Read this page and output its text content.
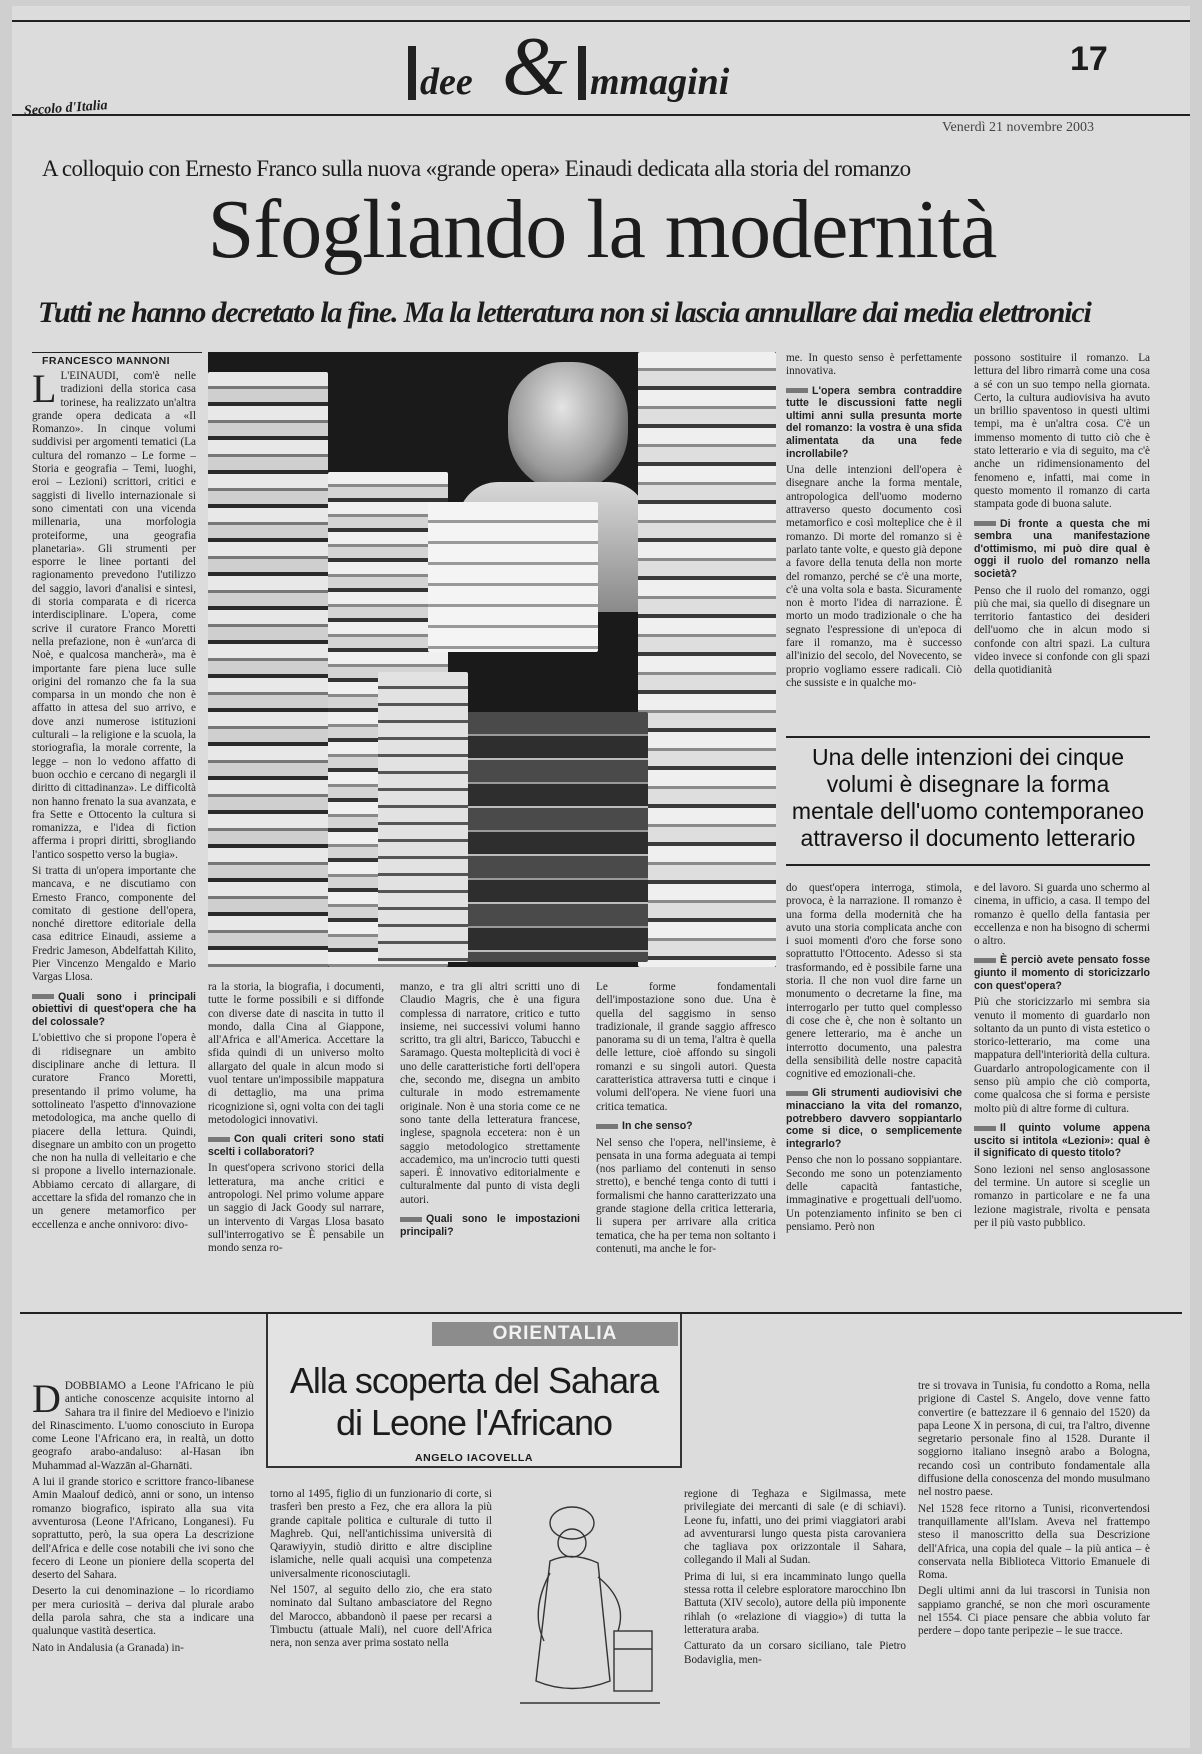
dee & mmagini
17
Secolo d'Italia
Venerdì 21 novembre 2003
A colloquio con Ernesto Franco sulla nuova «grande opera» Einaudi dedicata alla storia del romanzo
Sfogliando la modernità
Tutti ne hanno decretato la fine. Ma la letteratura non si lascia annullare dai media elettronici
FRANCESCO MANNONI

L L'EINAUDI, com'è nelle tradizioni della storica casa torinese, ha realizzato un'altra grande opera dedicata a «Il Romanzo». In cinque volumi suddivisi per argomenti tematici (La cultura del romanzo – Le forme – Storia e geografia – Temi, luoghi, eroi – Lezioni) scrittori, critici e saggisti di livello internazionale si sono cimentati con una vicenda millenaria, una morfologia proteiforme, una geografia planetaria». Gli strumenti per esporre le linee portanti del ragionamento prevedono l'utilizzo del saggio, lavori d'analisi e sintesi, di storia comparata e di ricerca interdisciplinare. L'opera, come scrive il curatore Franco Moretti nella prefazione, non è «un'arca di Noè, e qualcosa mancherà», ma è importante fare piena luce sulle origini del romanzo che fa la sua comparsa in un mondo che non è affatto in attesa del suo arrivo, e dove anzi numerose istituzioni culturali – la religione e la scuola, la storiografia, la morale corrente, la legge – non lo vedono affatto di buon occhio e cercano di negargli il diritto di cittadinanza». Le difficoltà non hanno frenato la sua avanzata, e fra Sette e Ottocento la cultura si romanizza, e l'idea di fiction afferma i propri diritti, sbrogliando l'antico sospetto verso la bugia».

Si tratta di un'opera importante che mancava, e ne discutiamo con Ernesto Franco, componente del comitato di gestione dell'opera, nonché direttore editoriale della casa editrice Einaudi, assieme a Fredric Jameson, Abdelfattah Kilito, Pier Vincenzo Mengaldo e Mario Vargas Llosa.

Quali sono i principali obiettivi di quest'opera che ha del colossale?

L'obiettivo che si propone l'opera è di ridisegnare un ambito disciplinare anche di lettura. Il curatore Franco Moretti, presentando il primo volume, ha sottolineato l'aspetto d'innovazione metodologica, ma anche quello di piacere della lettura. Quindi, disegnare un ambito con un progetto che non ha nulla di velleitario e che si propone a livello internazionale. Abbiamo cercato di allargare, di accettare la sfida del romanzo che in un genere metamorfico per eccellenza e anche onnivoro: divo-

ra la storia, la biografia, i documenti, tutte le forme possibili e si diffonde con diverse date di nascita in tutto il mondo, dalla Cina al Giappone, all'Africa e all'America. Accettare la sfida quindi di un universo molto allargato del quale in alcun modo si vuol tentare un'impossibile mappatura di dettaglio, ma una prima ricognizione sì, ogni volta con dei tagli metodologici innovativi.

Con quali criteri sono stati scelti i collaboratori?

In quest'opera scrivono storici della letteratura, ma anche critici e antropologi. Nel primo volume appare un saggio di Jack Goody sul narrare, un intervento di Vargas Llosa basato sull'interrogativo se È pensabile un mondo senza ro-

manzo, e tra gli altri scritti uno di Claudio Magris, che è una figura complessa di narratore, critico e tutto insieme, nei successivi volumi hanno scritto, tra gli altri, Baricco, Tabucchi e Saramago. Questa molteplicità di voci è uno delle caratteristiche forti dell'opera che, secondo me, disegna un ambito culturale in modo estremamente originale. Non è una storia come ce ne sono tante della letteratura francese, inglese, spagnola eccetera: non è un saggio metodologico strettamente accademico, ma un'incrocio tutti questi saperi. È innovativo editorialmente e culturalmente dal punto di vista degli autori.

Quali sono le impostazioni principali?

Le forme fondamentali dell'impostazione sono due. Una è quella del saggismo in senso tradizionale, il grande saggio affresco panorama su di un tema, l'altra è quella delle letture, cioè affondo su singoli romanzi e su singoli autori. Questa caratteristica attraversa tutti e cinque i volumi dell'opera. Ne viene fuori una critica tematica.

In che senso?

Nel senso che l'opera, nell'insieme, è pensata in una forma adeguata ai tempi (nos parliamo del contenuti in senso stretto), e benché tenga conto di tutti i formalismi che hanno caratterizzato una grande stagione della critica letteraria, li supera per arrivare alla critica tematica, che ha per tema non soltanto i contenuti, ma anche le for-

me. In questo senso è perfettamente innovativa.

L'opera sembra contraddire tutte le discussioni fatte negli ultimi anni sulla presunta morte del romanzo: la vostra è una sfida alimentata da una fede incrollabile?

Una delle intenzioni dell'opera è disegnare anche la forma mentale, antropologica dell'uomo moderno attraverso questo documento così metamorfico e così molteplice che è il romanzo. Di morte del romanzo si è parlato tante volte, e questo già depone a favore della tenuta della non morte del romanzo, perché se c'è una morte, c'è una volta sola e basta. Sicuramente non è morto l'idea di narrazione. È morto un modo tradizionale o che ha segnato l'espressione di un'epoca di fare il romanzo, ma è successo all'inizio del secolo, del Novecento, se proprio vogliamo essere radicali. Ciò che sussiste e in qualche mo-

possono sostituire il romanzo. La lettura del libro rimarrà come una cosa a sé con un suo tempo nella giornata. Certo, la cultura audiovisiva ha avuto un brillio spaventoso in questi ultimi tempi, ma è un'altra cosa. C'è un immenso momento di tutto ciò che è stato letterario e via di seguito, ma c'è anche un ridimensionamento del fenomeno e, infatti, mai come in questo momento il romanzo di carta stampata gode di buona salute.

Di fronte a questa che mi sembra una manifestazione d'ottimismo, mi può dire qual è oggi il ruolo del romanzo nella società?

Penso che il ruolo del romanzo, oggi più che mai, sia quello di disegnare un territorio fantastico dei desideri dell'uomo che in alcun modo si confonde con altri spazi. La cultura video invece si confonde con gli spazi della quotidianità

Una delle intenzioni dei cinque volumi è disegnare la forma mentale dell'uomo contemporaneo attraverso il documento letterario

do quest'opera interroga, stimola, provoca, è la narrazione. Il romanzo è una forma della modernità che ha avuto una storia complicata anche con i suoi momenti d'oro che forse sono soprattutto l'Ottocento. Adesso si sta trasformando, ed è possibile farne una storia. Il che non vuol dire farne un monumento o decretarne la fine, ma interrogarlo per tutto quel complesso di cose che è, che non è soltanto un genere letterario, ma è anche un interrotto documento, una palestra della sensibilità delle nostre capacità cognitive ed emozionali-che.

Gli strumenti audiovisivi che minacciano la vita del romanzo, potrebbero davvero soppiantarlo come si dice, o semplicemente integrarlo?

Penso che non lo possano soppiantare. Secondo me sono un potenziamento delle capacità fantastiche, immaginative e progettuali dell'uomo. Un potenziamento infinito se ben ci pensiamo. Però non

e del lavoro. Si guarda uno schermo al cinema, in ufficio, a casa. Il tempo del romanzo è quello della fantasia per eccellenza e non ha bisogno di schermi o altro.

È perciò avete pensato fosse giunto il momento di storicizzarlo con quest'opera?

Più che storicizzarlo mi sembra sia venuto il momento di guardarlo non soltanto da un punto di vista estetico o storico-letterario, ma come una mappatura dell'interiorità della cultura. Guardarlo antropologicamente con il senso più ampio che ciò comporta, come qualcosa che si forma e persiste molto più di altre forme di cultura.

Il quinto volume appena uscito si intitola «Lezioni»: qual è il significato di questo titolo?

Sono lezioni nel senso anglosassone del termine. Un autore si sceglie un romanzo in particolare e ne fa una lezione magistrale, rivolta e pensata per il più vasto pubblico.

ORIENTALIA
Alla scoperta del Sahara
di Leone l'Africano
ANGELO IACOVELLA

DDOBBIAMO a Leone l'Africano le più antiche conoscenze acquisite intorno al Sahara tra il finire del Medioevo e l'inizio del Rinascimento. L'uomo conosciuto in Europa come Leone l'Africano era, in realtà, un dotto geografo arabo-andaluso: al-Hasan ibn Muhammad al-Wazzān al-Gharnāti.

A lui il grande storico e scrittore franco-libanese Amin Maalouf dedicò, anni or sono, un intenso romanzo biografico, ispirato alla sua vita avventurosa (Leone l'Africano, Longanesi). Fu soprattutto, però, la sua opera La descrizione dell'Africa e delle cose notabili che ivi sono che fecero di Leone un pioniere della scoperta del deserto del Sahara.

Deserto la cui denominazione – lo ricordiamo per mera curiosità – deriva dal plurale arabo della parola sahra, che sta a indicare una qualunque vastità desertica.

Nato in Andalusia (a Granada) in-

torno al 1495, figlio di un funzionario di corte, si trasferì ben presto a Fez, che era allora la più grande capitale politica e culturale di tutto il Maghreb. Qui, nell'antichissima università di Qarawiyyin, studiò diritto e altre discipline islamiche, nelle quali acquisì una competenza universalmente riconosciutagli.

Nel 1507, al seguito dello zio, che era stato nominato dal Sultano ambasciatore del Regno del Marocco, abbandonò il paese per recarsi a Timbuctu (attuale Mali), nel cuore dell'Africa nera, non senza aver prima sostato nella

regione di Teghaza e Sigilmassa, mete privilegiate dei mercanti di sale (e di schiavi). Leone fu, infatti, uno dei primi viaggiatori arabi ad avventurarsi lungo questa pista carovaniera che tagliava pox orizzontale il Sahara, collegando il Mali al Sudan.

Prima di lui, si era incamminato lungo quella stessa rotta il celebre esploratore marocchino Ibn Battuta (XIV secolo), autore della più imponente rihlah (o «relazione di viaggio») di tutta la letteratura araba.

Catturato da un corsaro siciliano, tale Pietro Bodaviglia, men-

tre si trovava in Tunisia, fu condotto a Roma, nella prigione di Castel S. Angelo, dove venne fatto convertire (e battezzare il 6 gennaio del 1520) da papa Leone X in persona, di cui, tra l'altro, divenne segretario personale fino al 1528. Durante il soggiorno italiano insegnò arabo a Bologna, recando così un contributo fondamentale alla diffusione della conoscenza del mondo musulmano nel nostro paese.

Nel 1528 fece ritorno a Tunisi, riconvertendosi tranquillamente all'Islam. Aveva nel frattempo steso il manoscritto della sua Descrizione dell'Africa, una copia del quale – la più antica – è conservata nella Biblioteca Vittorio Emanuele di Roma.

Degli ultimi anni da lui trascorsi in Tunisia non sappiamo granché, se non che morì oscuramente nel 1554. Ci piace pensare che abbia voluto far perdere – dopo tante peripezie – le sue tracce.
